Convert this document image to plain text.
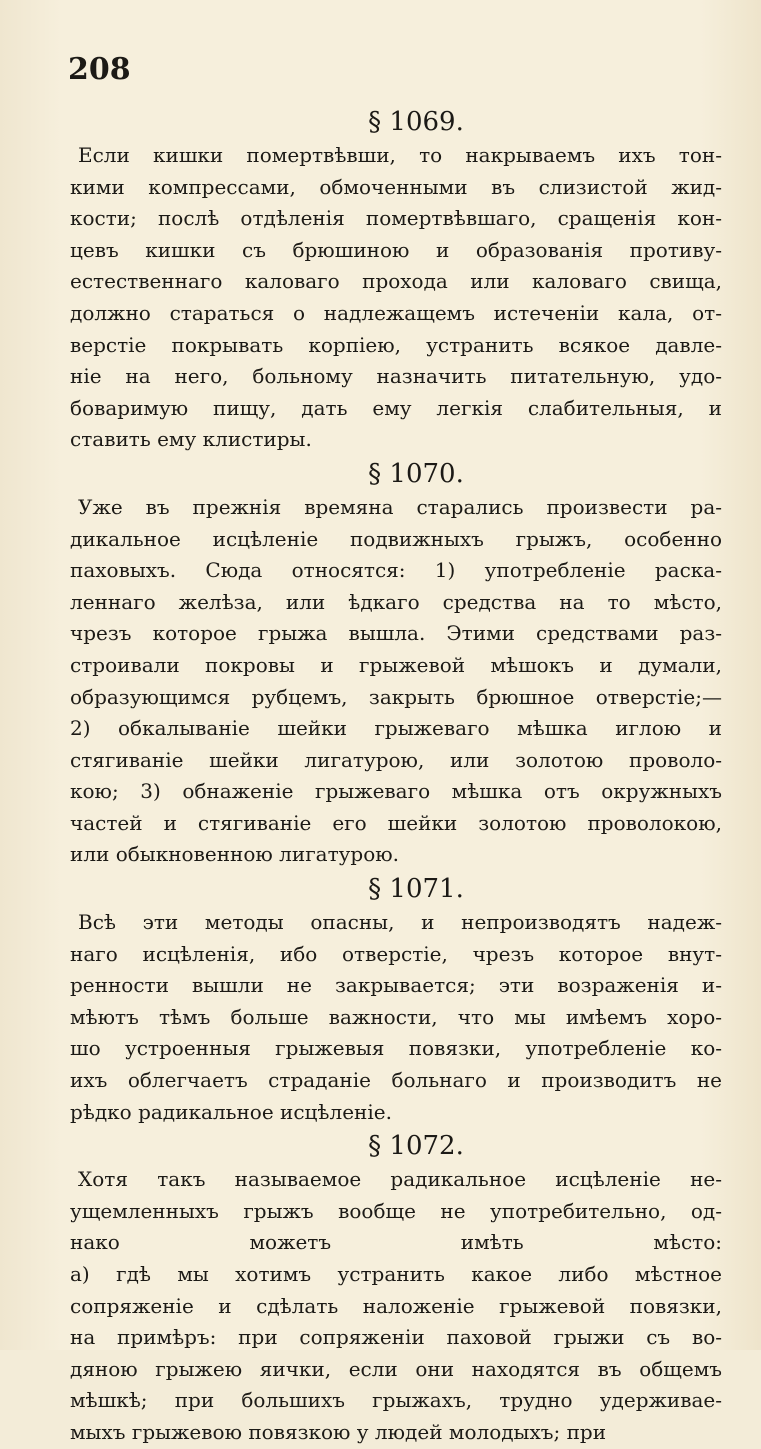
208
§ 1069.
Если кишки помертвѣвши, то накрываемъ ихъ тон-
кими компрессами, обмоченными въ слизистой жид-
кости; послѣ отдѣленія помертвѣвшаго, сращенія кон-
цевъ кишки съ брюшиною и образованія противу-
естественнаго каловаго прохода или каловаго свища,
должно стараться о надлежащемъ истеченіи кала, от-
верстіе покрывать корпіею, устранить всякое давле-
ніе на него, больному назначить питательную, удо-
боваримую пищу, дать ему легкія слабительныя, и
ставить ему клистиры.
§ 1070.
Уже въ прежнія времяна старались произвести ра-
дикальное исцѣленіе подвижныхъ грыжъ, особенно
паховыхъ. Сюда относятся: 1) употребленіе раска-
леннаго желѣза, или ѣдкаго средства на то мѣсто,
чрезъ которое грыжа вышла. Этими средствами раз-
строивали покровы и грыжевой мѣшокъ и думали,
образующимся рубцемъ, закрыть брюшное отверстіе;—
2) обкалываніе шейки грыжеваго мѣшка иглою и
стягиваніе шейки лигатурою, или золотою проволо-
кою; 3) обнаженіе грыжеваго мѣшка отъ окружныхъ
частей и стягиваніе его шейки золотою проволокою,
или обыкновенною лигатурою.
§ 1071.
Всѣ эти методы опасны, и непроизводятъ надеж-
наго исцѣленія, ибо отверстіе, чрезъ которое внут-
ренности вышли не закрывается; эти возраженія и-
мѣютъ тѣмъ больше важности, что мы имѣемъ хоро-
шо устроенныя грыжевыя повязки, употребленіе ко-
ихъ облегчаетъ страданіе больнаго и производитъ не
рѣдко радикальное исцѣленіе.
§ 1072.
Хотя такъ называемое радикальное исцѣленіе не-
ущемленныхъ грыжъ вообще не употребительно, од-
нако можетъ имѣть мѣсто:
а) гдѣ мы хотимъ устранить какое либо мѣстное
сопряженіе и сдѣлать наложеніе грыжевой повязки,
на примѣръ: при сопряженіи паховой грыжи съ во-
дяною грыжею яички, если они находятся въ общемъ
мѣшкѣ; при большихъ грыжахъ, трудно удерживае-
мыхъ грыжевою повязкою у людей молодыхъ; при
